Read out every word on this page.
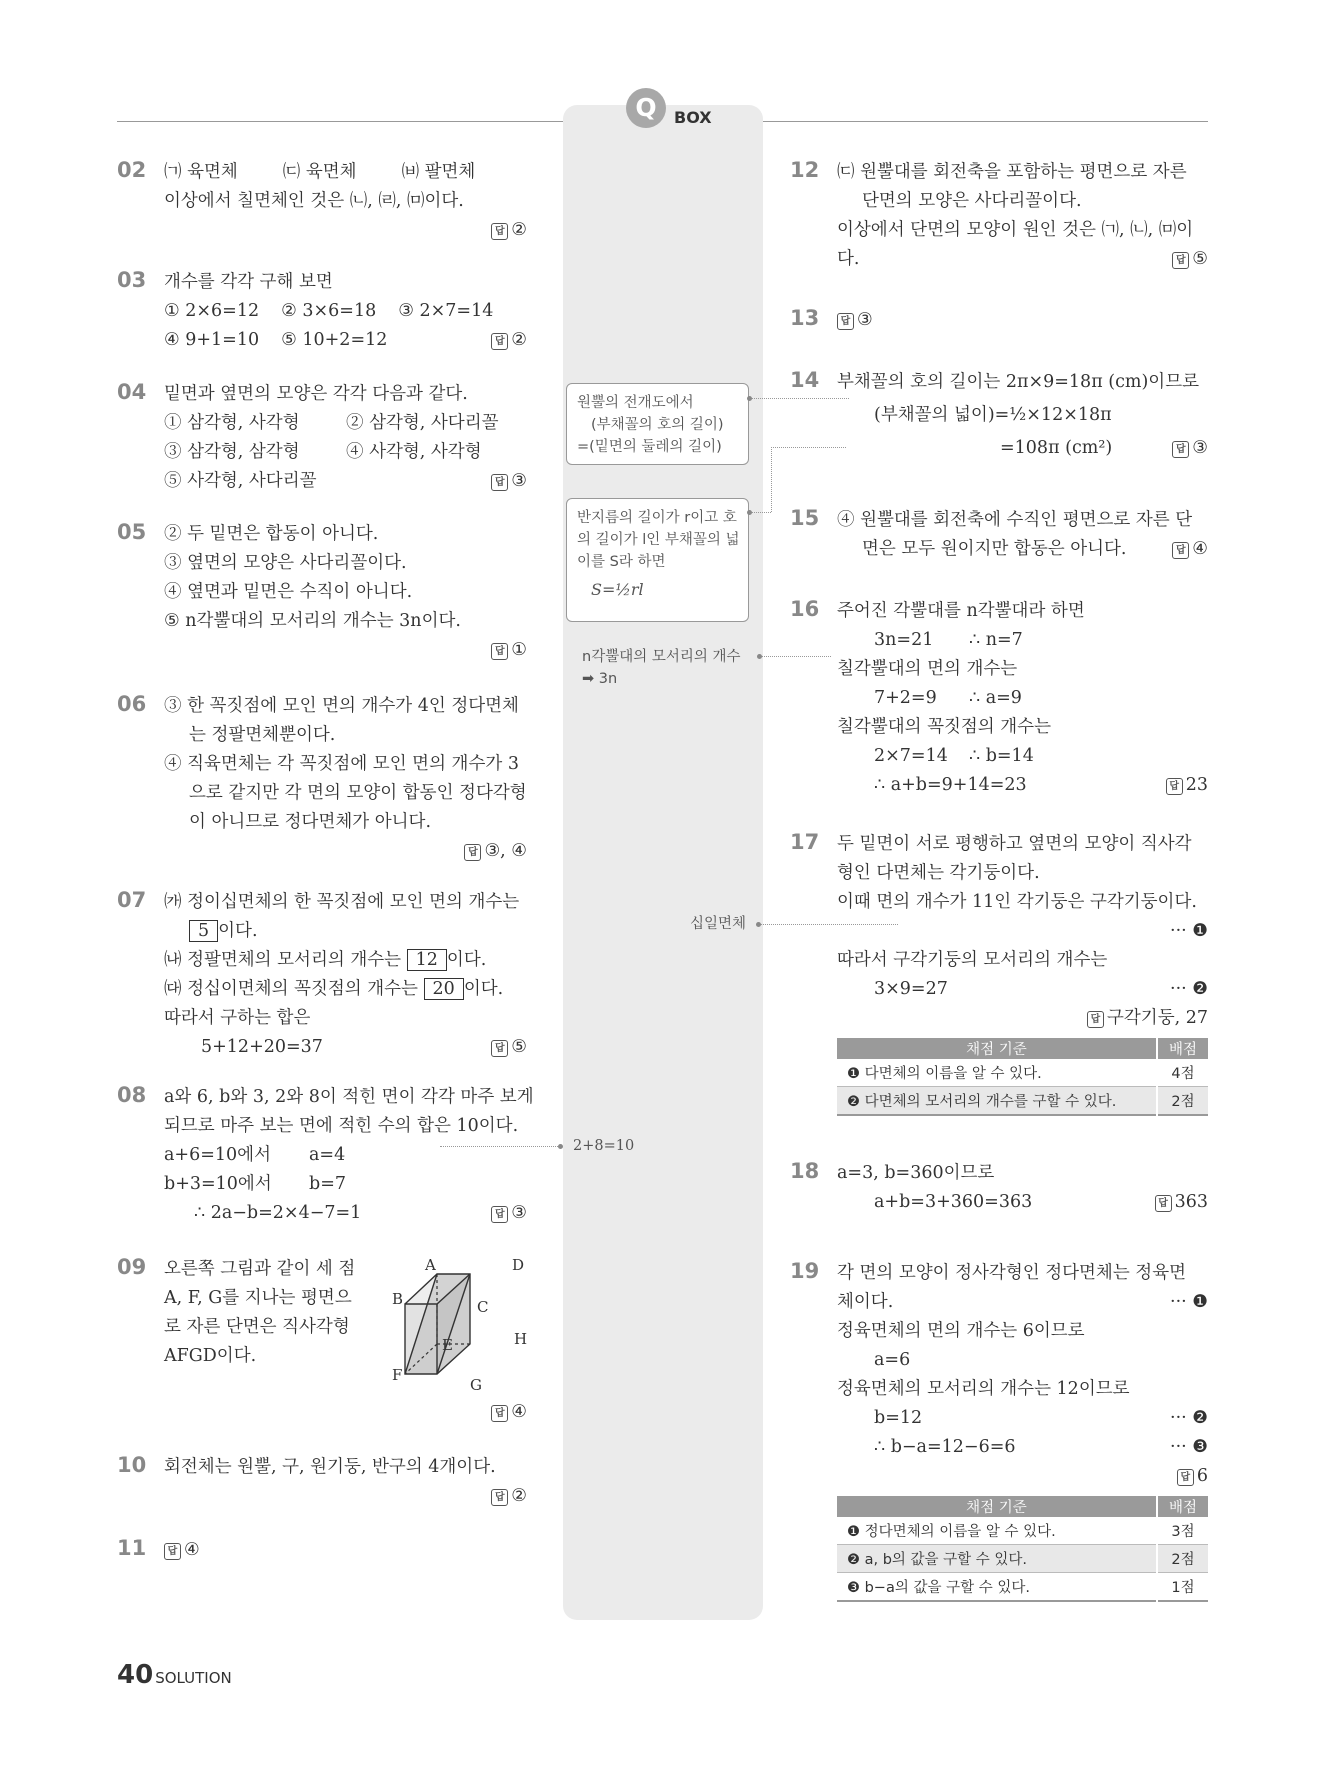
Q	BOX
02 ㈀ 육면체	㈂ 육면체	㈅ 팔면체
이상에서 칠면체인 것은 ㈁, ㈃, ㈄이다.
답 ②
03 개수를 각각 구해 보면
① 2×6=12 ② 3×6=18 ③ 2×7=14
④ 9+1=10 ⑤ 10+2=12	답 ②
04 밑면과 옆면의 모양은 각각 다음과 같다.
① 삼각형, 사각형	② 삼각형, 사다리꼴
③ 삼각형, 삼각형	④ 사각형, 사각형
⑤ 사각형, 사다리꼴	답 ③
05 ② 두 밑면은 합동이 아니다.
③ 옆면의 모양은 사다리꼴이다.
④ 옆면과 밑면은 수직이 아니다.
⑤ n각뿔대의 모서리의 개수는 3n이다.
답 ①
06 ③ 한 꼭짓점에 모인 면의 개수가 4인 정다면체
는 정팔면체뿐이다.
④ 직육면체는 각 꼭짓점에 모인 면의 개수가 3
으로 같지만 각 면의 모양이 합동인 정다각형
이 아니므로 정다면체가 아니다.
답 ③, ④
07 ㈎ 정이십면체의 한 꼭짓점에 모인 면의 개수는
5 이다.
㈏ 정팔면체의 모서리의 개수는 12 이다.
㈐ 정십이면체의 꼭짓점의 개수는 20 이다.
따라서 구하는 합은
5+12+20=37	답 ⑤
08 a와 6, b와 3, 2와 8이 적힌 면이 각각 마주 보게
되므로 마주 보는 면에 적힌 수의 합은 10이다.
a+6=10에서 a=4
b+3=10에서 b=7
∴ 2a−b=2×4−7=1	답 ③
09 오른쪽 그림과 같이 세 점
A, F, G를 지나는 평면으
로 자른 단면은 직사각형
AFGD이다.
A
B	C
D
E
F
G
H
답 ④
10 회전체는 원뿔, 구, 원기둥, 반구의 4개이다.
답 ②
11	답 ④
원뿔의 전개도에서
(부채꼴의 호의 길이)
=(밑면의 둘레의 길이)
반지름의 길이가 r이고 호
의 길이가 l인 부채꼴의 넓
이를 S라 하면
S=½rl
n각뿔대의 모서리의 개수
➡ 3n
십일면체
2+8=10
12 ㈂ 원뿔대를 회전축을 포함하는 평면으로 자른
단면의 모양은 사다리꼴이다.
이상에서 단면의 모양이 원인 것은 ㈀, ㈁, ㈄이
다.	답 ⑤
13	답 ③
14 부채꼴의 호의 길이는 2π×9=18π (cm)이므로
(부채꼴의 넓이)=½×12×18π
=108π (cm²)	답 ③
15 ④ 원뿔대를 회전축에 수직인 평면으로 자른 단
면은 모두 원이지만 합동은 아니다.	답 ④
16 주어진 각뿔대를 n각뿔대라 하면
3n=21 ∴ n=7
칠각뿔대의 면의 개수는
7+2=9 ∴ a=9
칠각뿔대의 꼭짓점의 개수는
2×7=14 ∴ b=14
∴ a+b=9+14=23	답 23
17 두 밑면이 서로 평행하고 옆면의 모양이 직사각
형인 다면체는 각기둥이다.
이때 면의 개수가 11인 각기둥은 구각기둥이다.
··· ❶
따라서 구각기둥의 모서리의 개수는
3×9=27	··· ❷
답 구각기둥, 27
채점 기준	배점
❶ 다면체의 이름을 알 수 있다.	4점
❷ 다면체의 모서리의 개수를 구할 수 있다.	2점
18 a=3, b=360이므로
a+b=3+360=363	답 363
19 각 면의 모양이 정사각형인 정다면체는 정육면
체이다.	··· ❶
정육면체의 면의 개수는 6이므로
a=6
정육면체의 모서리의 개수는 12이므로
b=12	··· ❷
∴ b−a=12−6=6	··· ❸
답 6
채점 기준	배점
❶ 정다면체의 이름을 알 수 있다.	3점
❷ a, b의 값을 구할 수 있다.	2점
❸ b−a의 값을 구할 수 있다.	1점
40 SOLUTION
